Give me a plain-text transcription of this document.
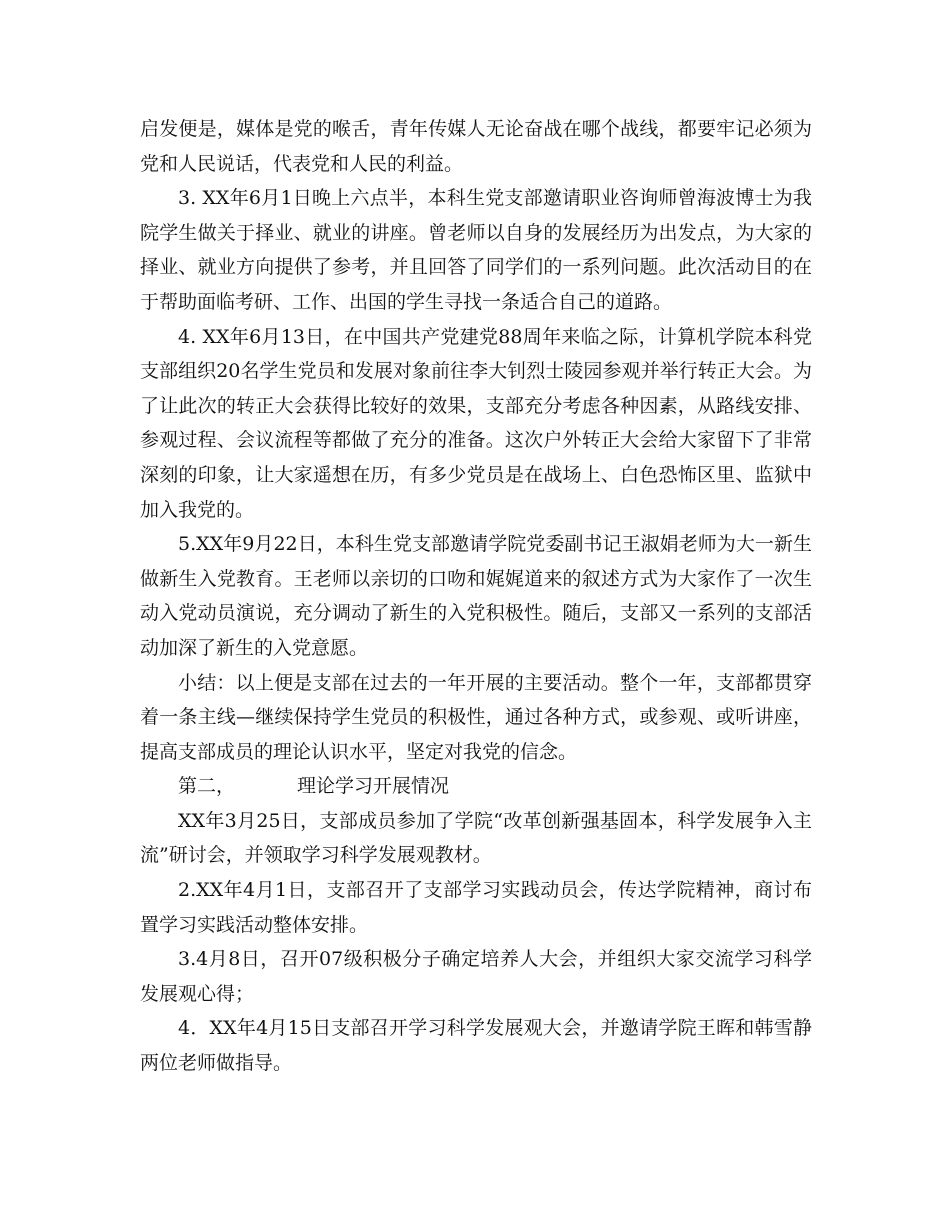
启发便是，媒体是党的喉舌，青年传媒人无论奋战在哪个战线，都要牢记必须为党和人民说话，代表党和人民的利益。

3. XX年6月1日晚上六点半，本科生党支部邀请职业咨询师曾海波博士为我院学生做关于择业、就业的讲座。曾老师以自身的发展经历为出发点，为大家的择业、就业方向提供了参考，并且回答了同学们的一系列问题。此次活动目的在于帮助面临考研、工作、出国的学生寻找一条适合自己的道路。

4. XX年6月13日，在中国共产党建党88周年来临之际，计算机学院本科党支部组织20名学生党员和发展对象前往李大钊烈士陵园参观并举行转正大会。为了让此次的转正大会获得比较好的效果，支部充分考虑各种因素，从路线安排、参观过程、会议流程等都做了充分的准备。这次户外转正大会给大家留下了非常深刻的印象，让大家遥想在历，有多少党员是在战场上、白色恐怖区里、监狱中加入我党的。

5.XX年9月22日，本科生党支部邀请学院党委副书记王淑娟老师为大一新生做新生入党教育。王老师以亲切的口吻和娓娓道来的叙述方式为大家作了一次生动入党动员演说，充分调动了新生的入党积极性。随后，支部又一系列的支部活动加深了新生的入党意愿。

小结：以上便是支部在过去的一年开展的主要活动。整个一年，支部都贯穿着一条主线—继续保持学生党员的积极性，通过各种方式，或参观、或听讲座，提高支部成员的理论认识水平，坚定对我党的信念。

第二，	理论学习开展情况

XX年3月25日，支部成员参加了学院“改革创新强基固本，科学发展争入主流”研讨会，并领取学习科学发展观教材。

2.XX年4月1日，支部召开了支部学习实践动员会，传达学院精神，商讨布置学习实践活动整体安排。

3.4月8日，召开07级积极分子确定培养人大会，并组织大家交流学习科学发展观心得；

4．XX年4月15日支部召开学习科学发展观大会，并邀请学院王晖和韩雪静两位老师做指导。
